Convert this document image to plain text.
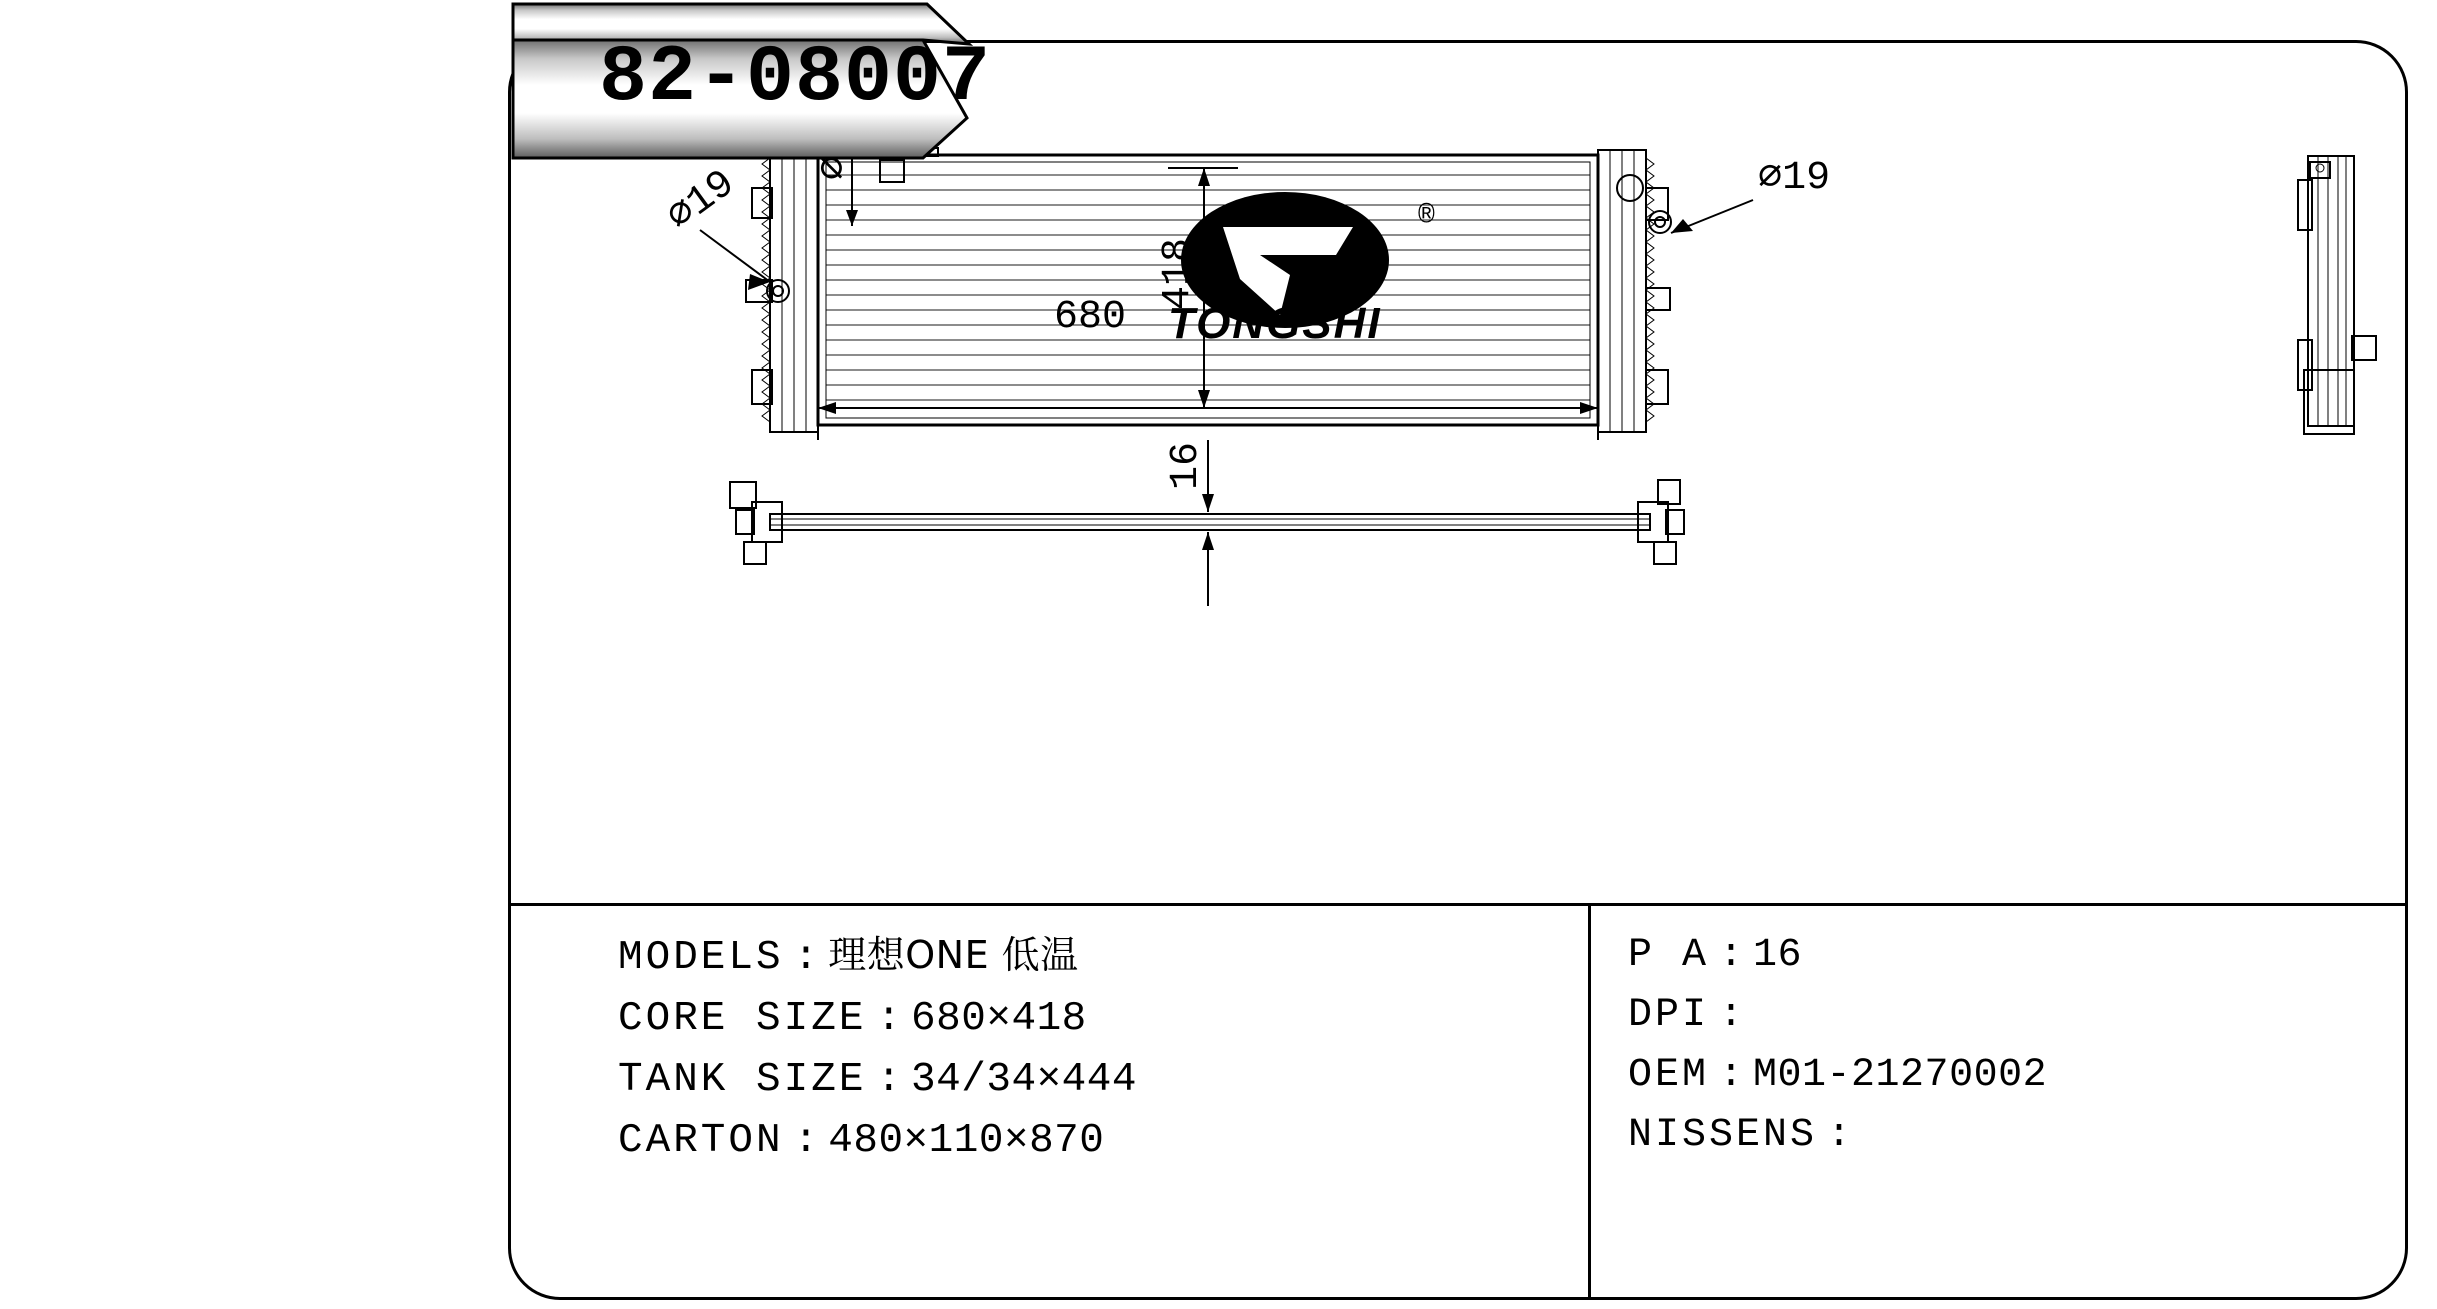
®
TONGSHI
680
418
16
⌀19
⌀19
82-08007
MODELS : 理想ONE 低温
CORE SIZE : 680×418
TANK SIZE : 34/34×444
CARTON : 480×110×870
P A : 16
DPI :
OEM : M01-21270002
NISSENS :
